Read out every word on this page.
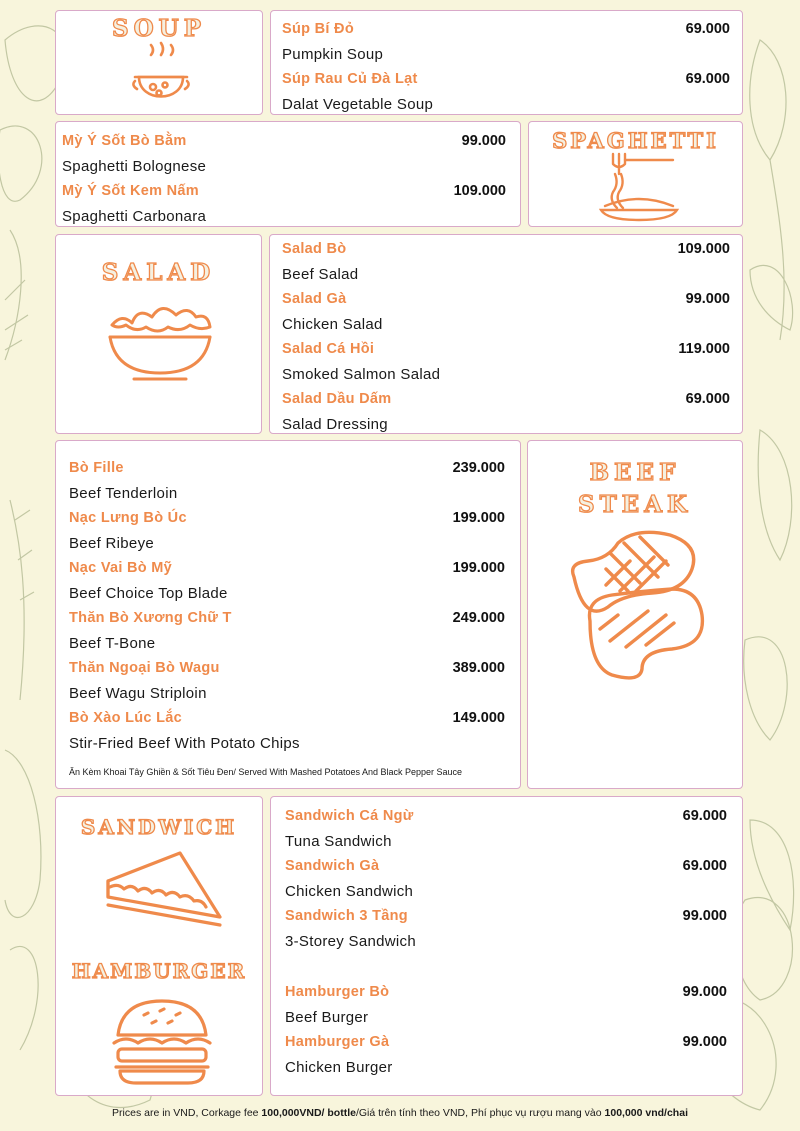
SOUP	Súp Bí Đỏ	69.000
Pumpkin Soup
Súp Rau Củ Đà Lạt	69.000
Dalat Vegetable Soup
Mỳ Ý Sốt Bò Bằm	99.000
Spaghetti Bolognese
Mỳ Ý Sốt Kem Nấm	109.000
Spaghetti Carbonara
SPAGHETTI
SALAD
Salad Bò	109.000
Beef Salad
Salad Gà	99.000
Chicken Salad
Salad Cá Hồi	119.000
Smoked Salmon Salad
Salad Dầu Dấm	69.000
Salad Dressing
Bò Fille	239.000
Beef Tenderloin
Nạc Lưng Bò Úc	199.000
Beef Ribeye
Nạc Vai Bò Mỹ	199.000
Beef Choice Top Blade
Thăn Bò Xương Chữ T	249.000
Beef T-Bone
Thăn Ngoại Bò Wagu	389.000
Beef Wagu Striploin
Bò Xào Lúc Lắc	149.000
Stir-Fried Beef With Potato Chips
Ăn Kèm Khoai Tây Ghiền & Sốt Tiêu Đen/ Served With Mashed Potatoes And Black Pepper Sauce
BEEF
STEAK
SANDWICH
HAMBURGER
Sandwich Cá Ngừ	69.000
Tuna Sandwich
Sandwich Gà	69.000
Chicken Sandwich
Sandwich 3 Tầng	99.000
3-Storey Sandwich
Hamburger Bò	99.000
Beef Burger
Hamburger Gà	99.000
Chicken Burger
Prices are in VND, Corkage fee 100,000VND/ bottle/Giá trên tính theo VND, Phí phục vụ rượu mang vào 100,000 vnd/chai
